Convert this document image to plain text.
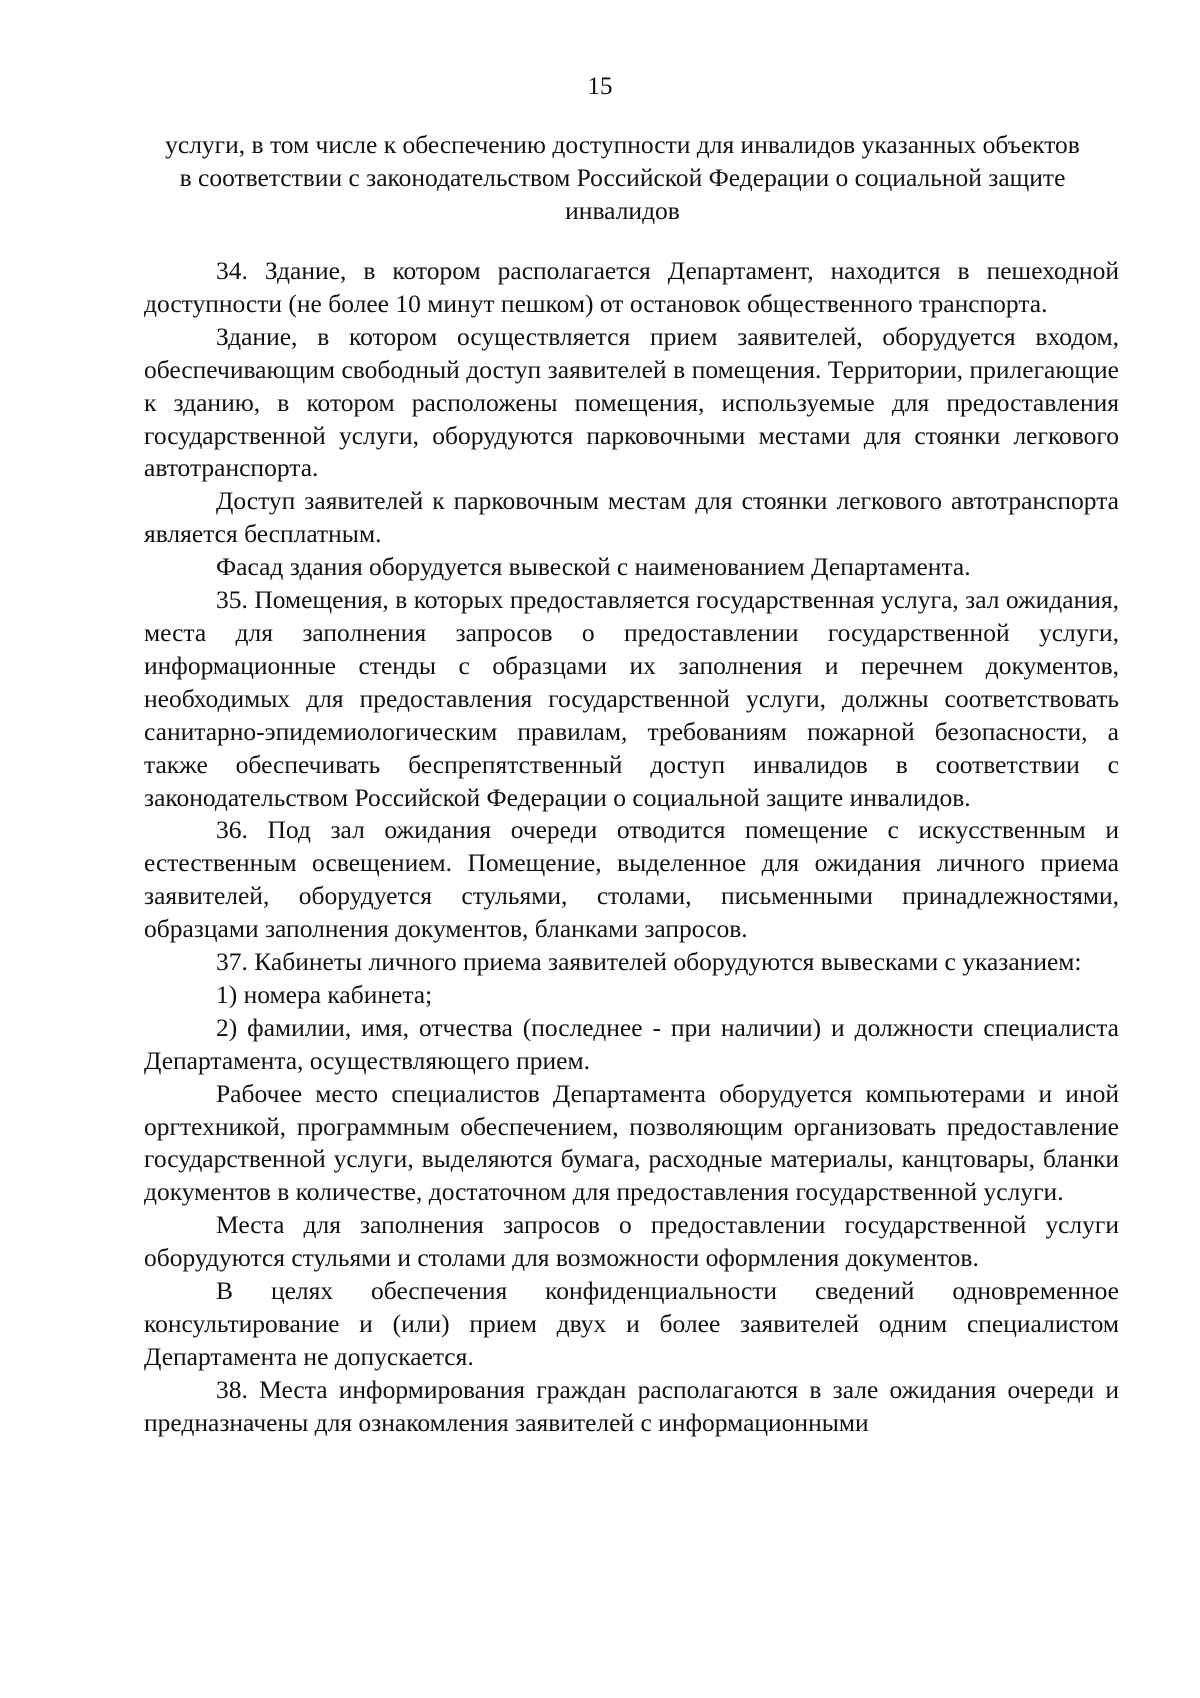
15
услуги, в том числе к обеспечению доступности для инвалидов указанных объектов в соответствии с законодательством Российской Федерации о социальной защите инвалидов

34. Здание, в котором располагается Департамент, находится в пешеходной доступности (не более 10 минут пешком) от остановок общественного транспорта.

Здание, в котором осуществляется прием заявителей, оборудуется входом, обеспечивающим свободный доступ заявителей в помещения. Территории, прилегающие к зданию, в котором расположены помещения, используемые для предоставления государственной услуги, оборудуются парковочными местами для стоянки легкового автотранспорта.

Доступ заявителей к парковочным местам для стоянки легкового автотранспорта является бесплатным.

Фасад здания оборудуется вывеской с наименованием Департамента.

35. Помещения, в которых предоставляется государственная услуга, зал ожидания, места для заполнения запросов о предоставлении государственной услуги, информационные стенды с образцами их заполнения и перечнем документов, необходимых для предоставления государственной услуги, должны соответствовать санитарно-эпидемиологическим правилам, требованиям пожарной безопасности, а также обеспечивать беспрепятственный доступ инвалидов в соответствии с законодательством Российской Федерации о социальной защите инвалидов.

36. Под зал ожидания очереди отводится помещение с искусственным и естественным освещением. Помещение, выделенное для ожидания личного приема заявителей, оборудуется стульями, столами, письменными принадлежностями, образцами заполнения документов, бланками запросов.

37. Кабинеты личного приема заявителей оборудуются вывесками с указанием:

1) номера кабинета;

2) фамилии, имя, отчества (последнее - при наличии) и должности специалиста Департамента, осуществляющего прием.

Рабочее место специалистов Департамента оборудуется компьютерами и иной оргтехникой, программным обеспечением, позволяющим организовать предоставление государственной услуги, выделяются бумага, расходные материалы, канцтовары, бланки документов в количестве, достаточном для предоставления государственной услуги.

Места для заполнения запросов о предоставлении государственной услуги оборудуются стульями и столами для возможности оформления документов.

В целях обеспечения конфиденциальности сведений одновременное консультирование и (или) прием двух и более заявителей одним специалистом Департамента не допускается.

38. Места информирования граждан располагаются в зале ожидания очереди и предназначены для ознакомления заявителей с информационными
